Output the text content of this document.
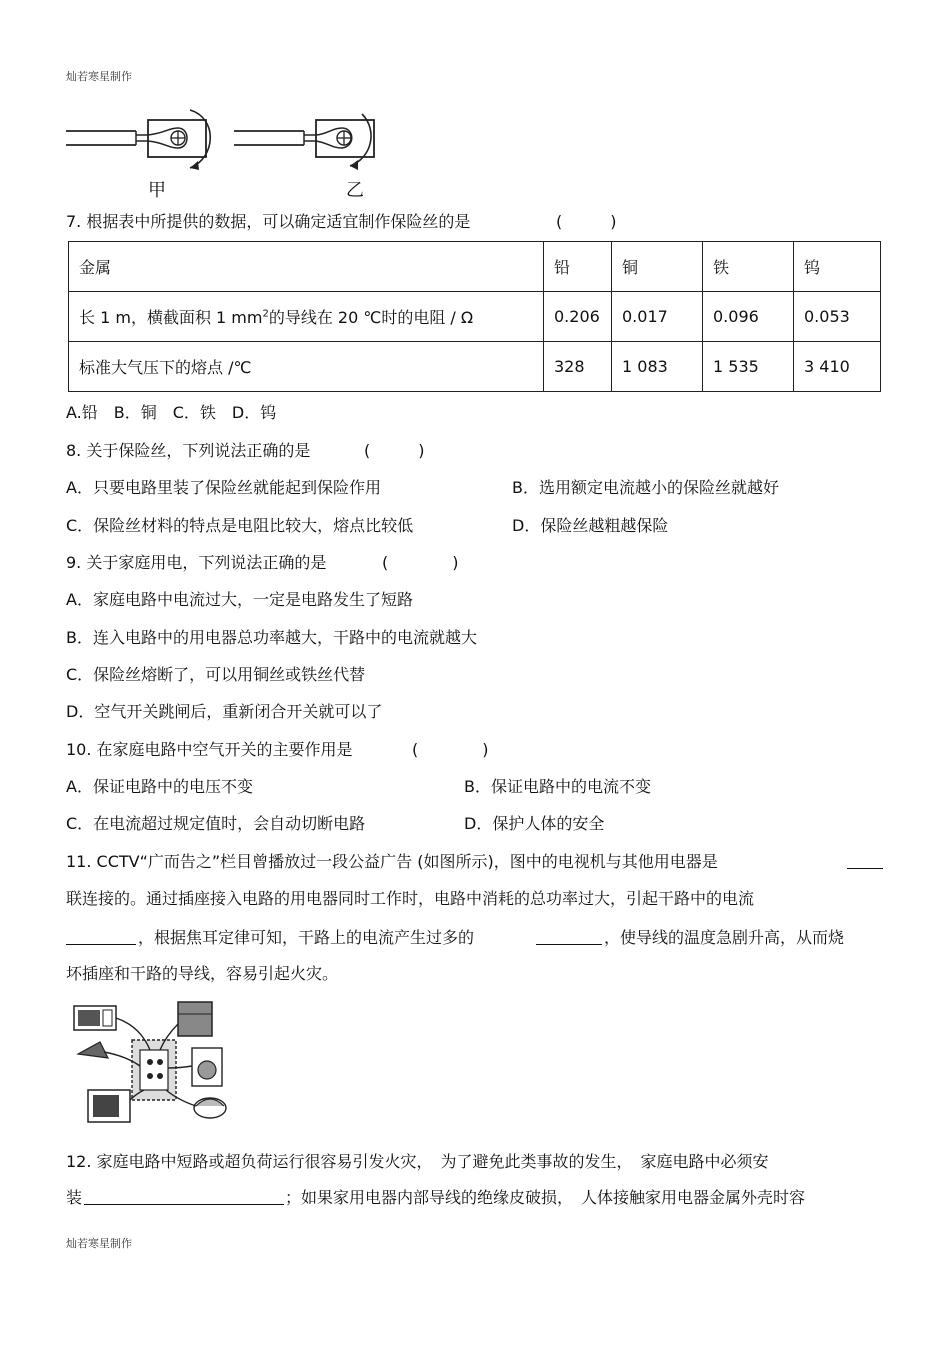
灿若寒星制作
甲	乙
7. 根据表中所提供的数据，可以确定适宜制作保险丝的是	(　　　)
金属	铅	铜	铁	钨
长 1 m，横截面积 1 $mm^2$的导线在 20 ℃时的电阻 / Ω	0.206	0.017	0.096	0.053
标准大气压下的熔点 /℃	328	1 083	1 535	3 410
A.铅　B．铜　C．铁　D．钨
8. 关于保险丝，下列说法正确的是	(　　　)
A．只要电路里装了保险丝就能起到保险作用	B．选用额定电流越小的保险丝就越好
C．保险丝材料的特点是电阻比较大，熔点比较低	D．保险丝越粗越保险
9. 关于家庭用电，下列说法正确的是	(　　　　)
A．家庭电路中电流过大，一定是电路发生了短路
B．连入电路中的用电器总功率越大，干路中的电流就越大
C．保险丝熔断了，可以用铜丝或铁丝代替
D．空气开关跳闸后，重新闭合开关就可以了
10. 在家庭电路中空气开关的主要作用是	(　　　　)
A．保证电路中的电压不变	B．保证电路中的电流不变
C．在电流超过规定值时，会自动切断电路	D．保护人体的安全
11. CCTV“广而告之”栏目曾播放过一段公益广告 (如图所示)，图中的电视机与其他用电器是
联连接的。通过插座接入电路的用电器同时工作时，电路中消耗的总功率过大，引起干路中的电流
，根据焦耳定律可知，干路上的电流产生过多的	，使导线的温度急剧升高，从而烧
坏插座和干路的导线，容易引起火灾。
12. 家庭电路中短路或超负荷运行很容易引发火灾，　为了避免此类事故的发生，　家庭电路中必须安
装	；如果家用电器内部导线的绝缘皮破损，　人体接触家用电器金属外壳时容
灿若寒星制作
